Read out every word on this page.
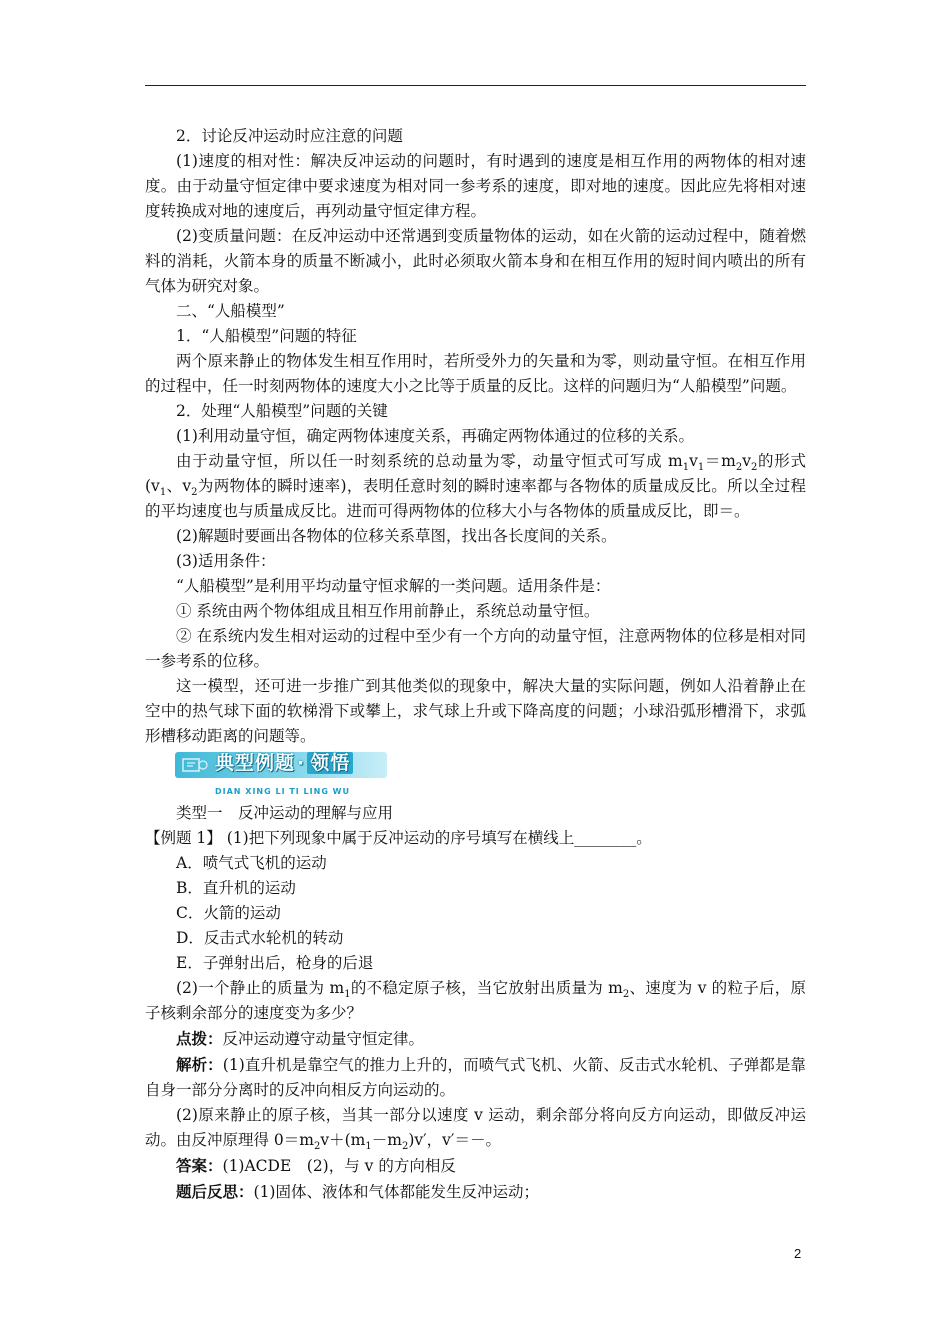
2．讨论反冲运动时应注意的问题

(1)速度的相对性：解决反冲运动的问题时，有时遇到的速度是相互作用的两物体的相对速度。由于动量守恒定律中要求速度为相对同一参考系的速度，即对地的速度。因此应先将相对速度转换成对地的速度后，再列动量守恒定律方程。

(2)变质量问题：在反冲运动中还常遇到变质量物体的运动，如在火箭的运动过程中，随着燃料的消耗，火箭本身的质量不断减小，此时必须取火箭本身和在相互作用的短时间内喷出的所有气体为研究对象。

二、“人船模型”

1．“人船模型”问题的特征

两个原来静止的物体发生相互作用时，若所受外力的矢量和为零，则动量守恒。在相互作用的过程中，任一时刻两物体的速度大小之比等于质量的反比。这样的问题归为“人船模型”问题。

2．处理“人船模型”问题的关键

(1)利用动量守恒，确定两物体速度关系，再确定两物体通过的位移的关系。

由于动量守恒，所以任一时刻系统的总动量为零，动量守恒式可写成 $m_1v_1=m_2v_2$的形式($v_1$、$v_2$为两物体的瞬时速率)，表明任意时刻的瞬时速率都与各物体的质量成反比。所以全过程的平均速度也与质量成反比。进而可得两物体的位移大小与各物体的质量成反比，即＝。

(2)解题时要画出各物体的位移关系草图，找出各长度间的关系。

(3)适用条件：

“人船模型”是利用平均动量守恒求解的一类问题。适用条件是：

① 系统由两个物体组成且相互作用前静止，系统总动量守恒。

② 在系统内发生相对运动的过程中至少有一个方向的动量守恒，注意两物体的位移是相对同一参考系的位移。

这一模型，还可进一步推广到其他类似的现象中，解决大量的实际问题，例如人沿着静止在空中的热气球下面的软梯滑下或攀上，求气球上升或下降高度的问题；小球沿弧形槽滑下，求弧形槽移动距离的问题等。

典型例题 · 领悟
DIAN XING LI TI LING WU

类型一　反冲运动的理解与应用

【例题 1】 (1)把下列现象中属于反冲运动的序号填写在横线上________。

A．喷气式飞机的运动

B．直升机的运动

C．火箭的运动

D．反击式水轮机的转动

E．子弹射出后，枪身的后退

(2)一个静止的质量为 $m_1$的不稳定原子核，当它放射出质量为 $m_2$、速度为 v 的粒子后，原子核剩余部分的速度变为多少？

点拨：反冲运动遵守动量守恒定律。

解析：(1)直升机是靠空气的推力上升的，而喷气式飞机、火箭、反击式水轮机、子弹都是靠自身一部分分离时的反冲向相反方向运动的。

(2)原来静止的原子核，当其一部分以速度 v 运动，剩余部分将向反方向运动，即做反冲运动。由反冲原理得 $0=m_2v+(m_1-m_2)v'$，v′＝－。

答案：(1)ACDE　(2)，与 v 的方向相反

题后反思：(1)固体、液体和气体都能发生反冲运动；

2
